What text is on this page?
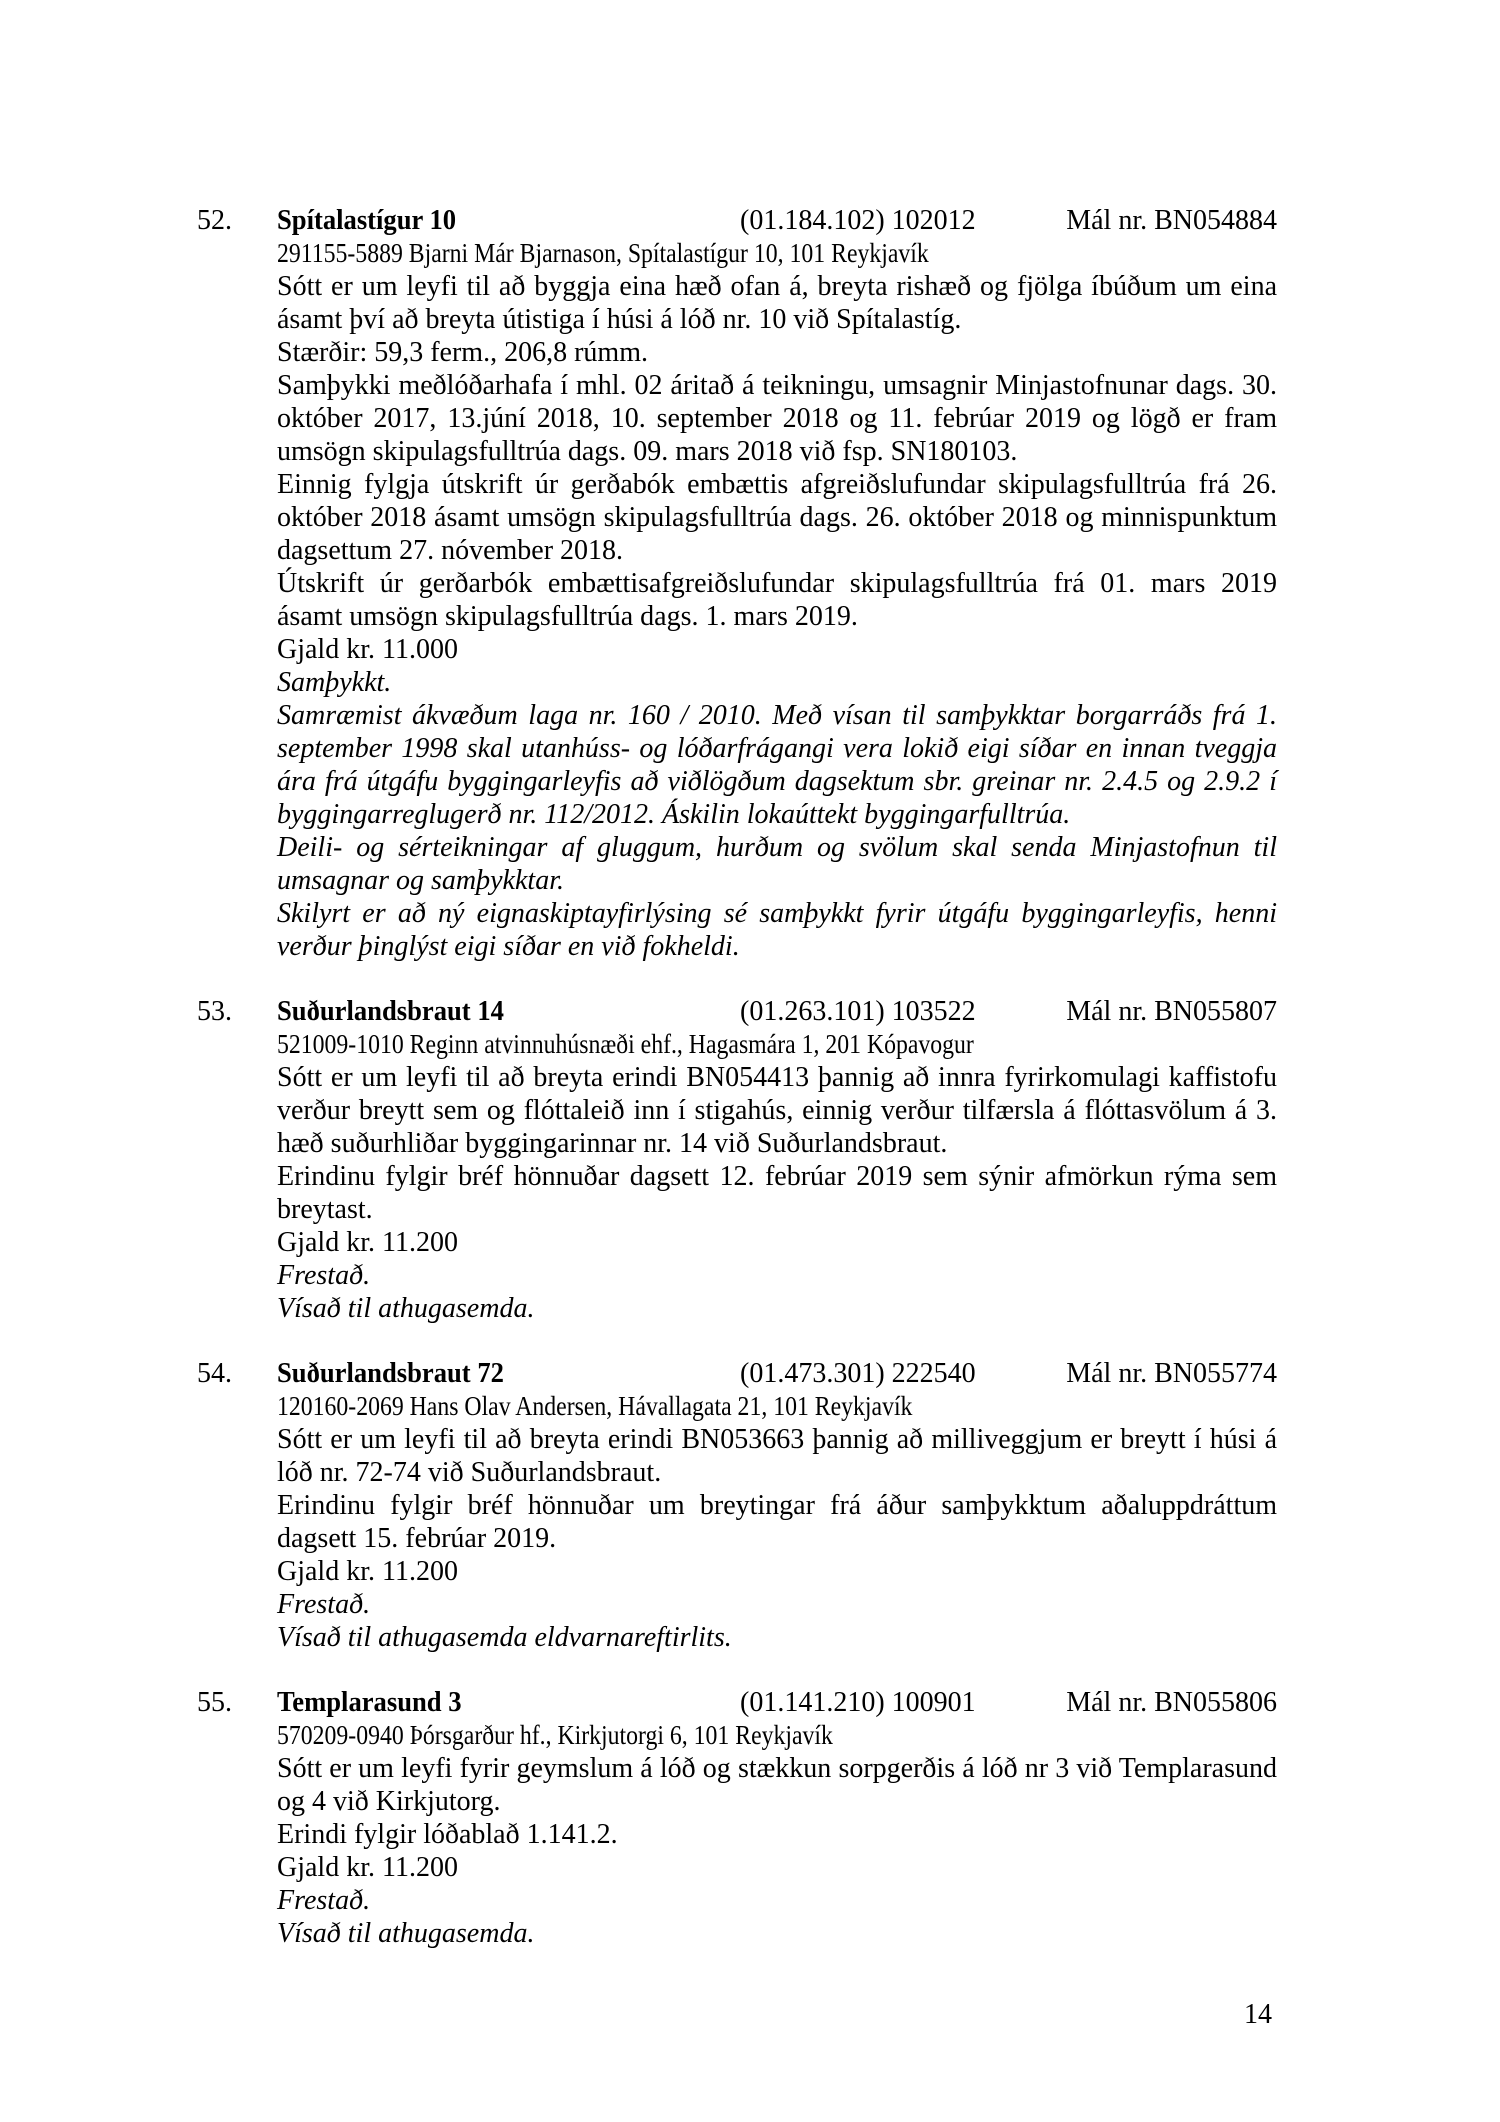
52. Spítalastígur 10	(01.184.102) 102012	Mál nr. BN054884
291155-5889 Bjarni Már Bjarnason, Spítalastígur 10, 101 Reykjavík

Sótt er um leyfi til að byggja eina hæð ofan á, breyta rishæð og fjölga íbúðum um eina ásamt því að breyta útistiga í húsi á lóð nr. 10 við Spítalastíg.

Stærðir: 59,3 ferm., 206,8 rúmm.

Samþykki meðlóðarhafa í mhl. 02 áritað á teikningu, umsagnir Minjastofnunar dags. 30. október 2017, 13.júní 2018, 10. september 2018 og 11. febrúar 2019 og lögð er fram umsögn skipulagsfulltrúa dags. 09. mars 2018 við fsp. SN180103.

Einnig fylgja útskrift úr gerðabók embættis afgreiðslufundar skipulagsfulltrúa frá 26. október 2018 ásamt umsögn skipulagsfulltrúa dags. 26. október 2018 og minnispunktum dagsettum 27. nóvember 2018.

Útskrift úr gerðarbók embættisafgreiðslufundar skipulagsfulltrúa frá 01. mars 2019 ásamt umsögn skipulagsfulltrúa dags. 1. mars 2019.

Gjald kr. 11.000

Samþykkt.

Samræmist ákvæðum laga nr. 160 / 2010. Með vísan til samþykktar borgarráðs frá 1. september 1998 skal utanhúss- og lóðarfrágangi vera lokið eigi síðar en innan tveggja ára frá útgáfu byggingarleyfis að viðlögðum dagsektum sbr. greinar nr. 2.4.5 og 2.9.2 í byggingarreglugerð nr. 112/2012. Áskilin lokaúttekt byggingarfulltrúa.

Deili- og sérteikningar af gluggum, hurðum og svölum skal senda Minjastofnun til umsagnar og samþykktar.

Skilyrt er að ný eignaskiptayfirlýsing sé samþykkt fyrir útgáfu byggingarleyfis, henni verður þinglýst eigi síðar en við fokheldi.

53. Suðurlandsbraut 14	(01.263.101) 103522	Mál nr. BN055807
521009-1010 Reginn atvinnuhúsnæði ehf., Hagasmára 1, 201 Kópavogur

Sótt er um leyfi til að breyta erindi BN054413 þannig að innra fyrirkomulagi kaffistofu verður breytt sem og flóttaleið inn í stigahús, einnig verður tilfærsla á flóttasvölum á 3. hæð suðurhliðar byggingarinnar nr. 14 við Suðurlandsbraut.

Erindinu fylgir bréf hönnuðar dagsett 12. febrúar 2019 sem sýnir afmörkun rýma sem breytast.

Gjald kr. 11.200

Frestað.

Vísað til athugasemda.

54. Suðurlandsbraut 72	(01.473.301) 222540	Mál nr. BN055774
120160-2069 Hans Olav Andersen, Hávallagata 21, 101 Reykjavík

Sótt er um leyfi til að breyta erindi BN053663 þannig að milliveggjum er breytt í húsi á lóð nr. 72-74 við Suðurlandsbraut.

Erindinu fylgir bréf hönnuðar um breytingar frá áður samþykktum aðaluppdráttum dagsett 15. febrúar 2019.

Gjald kr. 11.200

Frestað.

Vísað til athugasemda eldvarnareftirlits.

55. Templarasund 3	(01.141.210) 100901	Mál nr. BN055806
570209-0940 Þórsgarður hf., Kirkjutorgi 6, 101 Reykjavík

Sótt er um leyfi fyrir geymslum á lóð og stækkun sorpgerðis á lóð nr 3 við Templarasund og 4 við Kirkjutorg.

Erindi fylgir lóðablað 1.141.2.

Gjald kr. 11.200

Frestað.

Vísað til athugasemda.

14
